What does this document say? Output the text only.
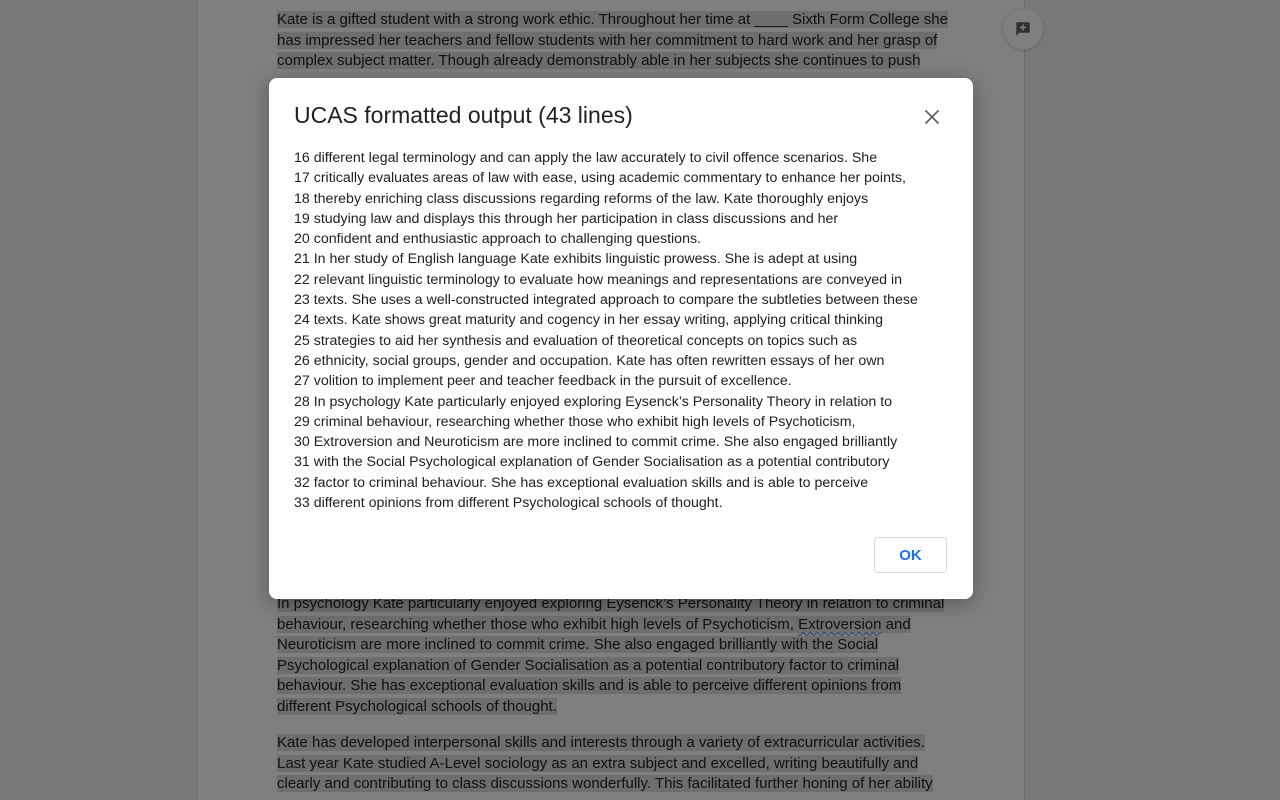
UCAS formatted output (43 lines)
16 different legal terminology and can apply the law accurately to civil offence scenarios. She
17 critically evaluates areas of law with ease, using academic commentary to enhance her points,
18 thereby enriching class discussions regarding reforms of the law. Kate thoroughly enjoys
19 studying law and displays this through her participation in class discussions and her
20 confident and enthusiastic approach to challenging questions.
21 In her study of English language Kate exhibits linguistic prowess. She is adept at using
22 relevant linguistic terminology to evaluate how meanings and representations are conveyed in
23 texts. She uses a well-constructed integrated approach to compare the subtleties between these
24 texts. Kate shows great maturity and cogency in her essay writing, applying critical thinking
25 strategies to aid her synthesis and evaluation of theoretical concepts on topics such as
26 ethnicity, social groups, gender and occupation. Kate has often rewritten essays of her own
27 volition to implement peer and teacher feedback in the pursuit of excellence.
28 In psychology Kate particularly enjoyed exploring Eysenck’s Personality Theory in relation to
29 criminal behaviour, researching whether those who exhibit high levels of Psychoticism,
30 Extroversion and Neuroticism are more inclined to commit crime. She also engaged brilliantly
31 with the Social Psychological explanation of Gender Socialisation as a potential contributory
32 factor to criminal behaviour. She has exceptional evaluation skills and is able to perceive
33 different opinions from different Psychological schools of thought.
OK
